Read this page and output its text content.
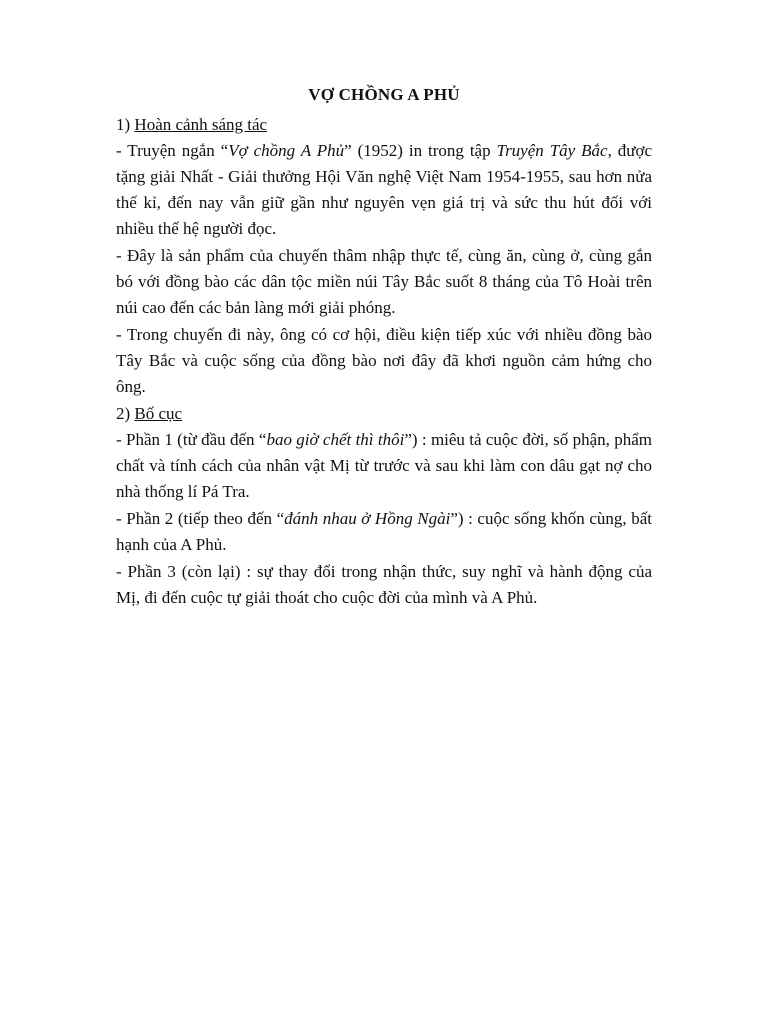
VỢ CHỒNG A PHỦ

1) Hoàn cảnh sáng tác

- Truyện ngắn “Vợ chồng A Phủ” (1952) in trong tập Truyện Tây Bắc, được tặng giải Nhất - Giải thưởng Hội Văn nghệ Việt Nam 1954-1955, sau hơn nửa thế kỉ, đến nay vẫn giữ gần như nguyên vẹn giá trị và sức thu hút đối với nhiều thế hệ người đọc.

- Đây là sản phẩm của chuyến thâm nhập thực tế, cùng ăn, cùng ở, cùng gắn bó với đồng bào các dân tộc miền núi Tây Bắc suốt 8 tháng của Tô Hoài trên núi cao đến các bản làng mới giải phóng.

- Trong chuyến đi này, ông có cơ hội, điều kiện tiếp xúc với nhiều đồng bào Tây Bắc và cuộc sống của đồng bào nơi đây đã khơi nguồn cảm hứng cho ông.

2) Bố cục

- Phần 1 (từ đầu đến “bao giờ chết thì thôi”) : miêu tả cuộc đời, số phận, phẩm chất và tính cách của nhân vật Mị từ trước và sau khi làm con dâu gạt nợ cho nhà thống lí Pá Tra.

- Phần 2 (tiếp theo đến “đánh nhau ở Hồng Ngài”) : cuộc sống khốn cùng, bất hạnh của A Phủ.

- Phần 3 (còn lại) : sự thay đổi trong nhận thức, suy nghĩ và hành động của Mị, đi đến cuộc tự giải thoát cho cuộc đời của mình và A Phủ.
